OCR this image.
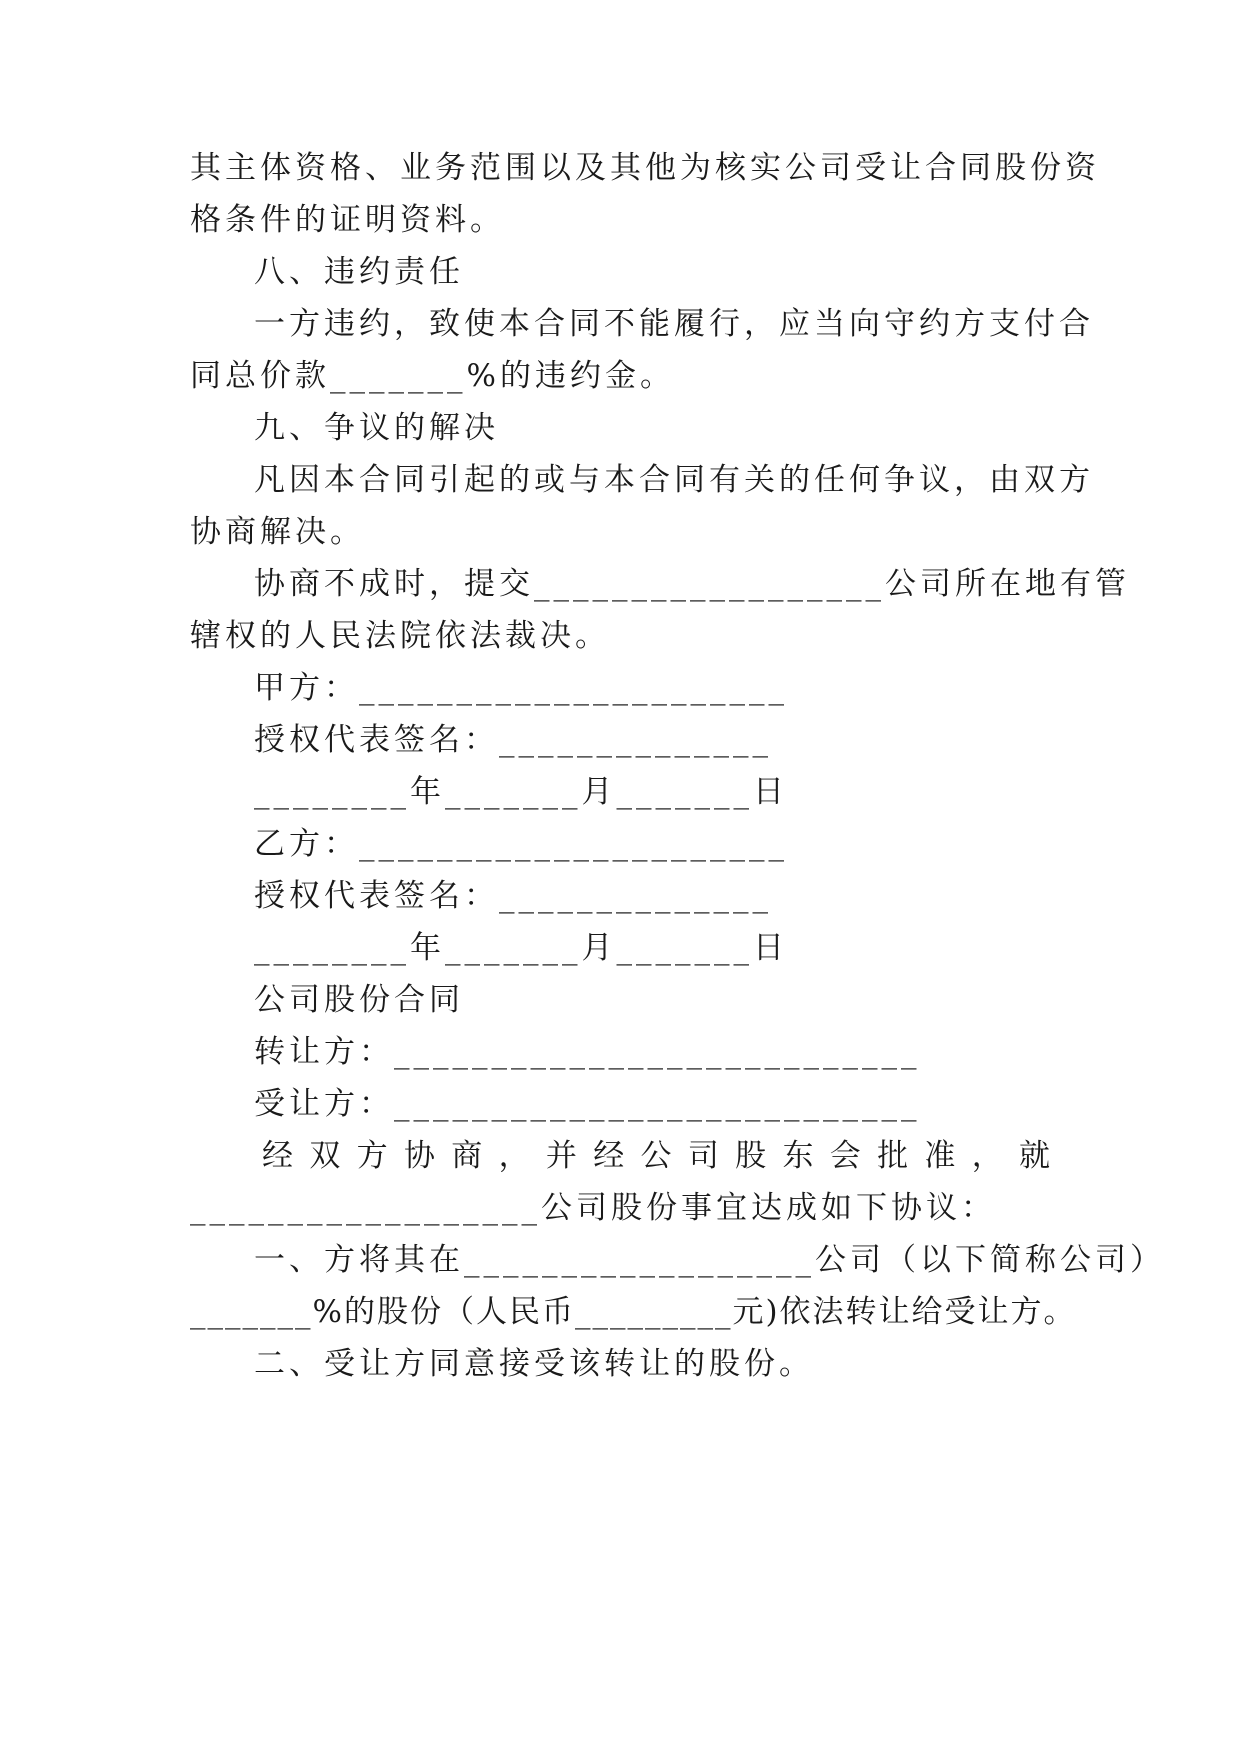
其主体资格、业务范围以及其他为核实公司受让合同股份资
格条件的证明资料。
八、违约责任
一方违约，致使本合同不能履行，应当向守约方支付合
同总价款_______%的违约金。
九、争议的解决
凡因本合同引起的或与本合同有关的任何争议，由双方
协商解决。
协商不成时，提交__________________公司所在地有管
辖权的人民法院依法裁决。
甲方：______________________
授权代表签名：______________
________年_______月_______日
乙方：______________________
授权代表签名：______________
________年_______月_______日
公司股份合同
转让方：___________________________
受让方：___________________________
经 双 方 协 商 ， 并 经 公 司 股 东 会 批 准 ， 就
__________________公司股份事宜达成如下协议：
一、方将其在__________________公司（以下简称公司）
_______%的股份（人民币_________元)依法转让给受让方。
二、受让方同意接受该转让的股份。
